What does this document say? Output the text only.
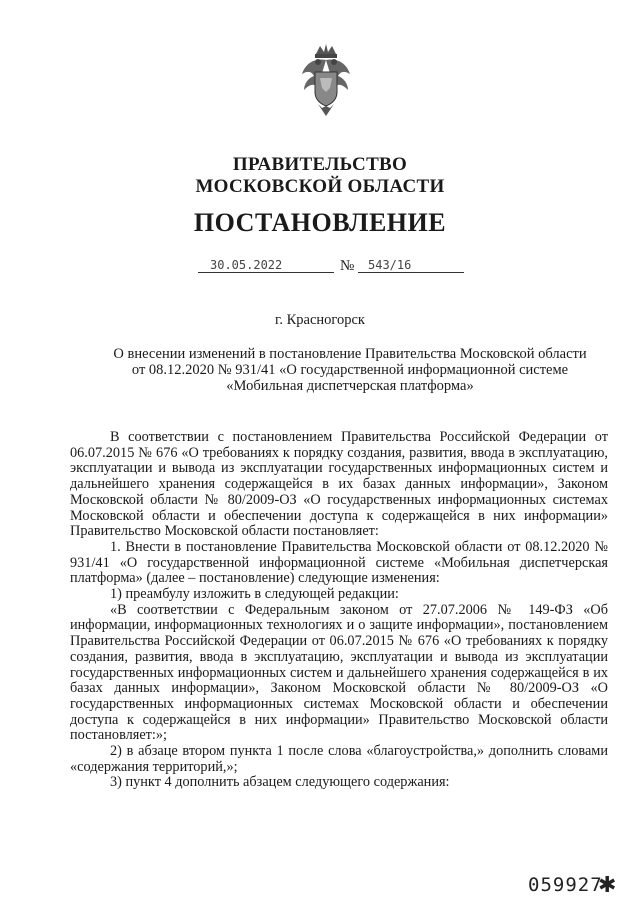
ПРАВИТЕЛЬСТВО
МОСКОВСКОЙ ОБЛАСТИ
ПОСТАНОВЛЕНИЕ
30.05.2022	№	543/16
г. Красногорск
О внесении изменений в постановление Правительства Московской области
от 08.12.2020 № 931/41 «О государственной информационной системе
«Мобильная диспетчерская платформа»

В соответствии с постановлением Правительства Российской Федерации от 06.07.2015 № 676 «О требованиях к порядку создания, развития, ввода в эксплуатацию, эксплуатации и вывода из эксплуатации государственных информационных систем и дальнейшего хранения содержащейся в их базах данных информации», Законом Московской области № 80/2009-ОЗ «О государственных информационных системах Московской области и обеспечении доступа к содержащейся в них информации» Правительство Московской области постановляет:

1. Внести в постановление Правительства Московской области от 08.12.2020 № 931/41 «О государственной информационной системе «Мобильная диспетчерская платформа» (далее – постановление) следующие изменения:

1) преамбулу изложить в следующей редакции:

«В соответствии с Федеральным законом от 27.07.2006 № 149-ФЗ «Об информации, информационных технологиях и о защите информации», постановлением Правительства Российской Федерации от 06.07.2015 № 676 «О требованиях к порядку создания, развития, ввода в эксплуатацию, эксплуатации и вывода из эксплуатации государственных информационных систем и дальнейшего хранения содержащейся в их базах данных информации», Законом Московской области № 80/2009-ОЗ «О государственных информационных системах Московской области и обеспечении доступа к содержащейся в них информации» Правительство Московской области постановляет:»;

2) в абзаце втором пункта 1 после слова «благоустройства,» дополнить словами «содержания территорий,»;

3) пункт 4 дополнить абзацем следующего содержания:

059927
✱
